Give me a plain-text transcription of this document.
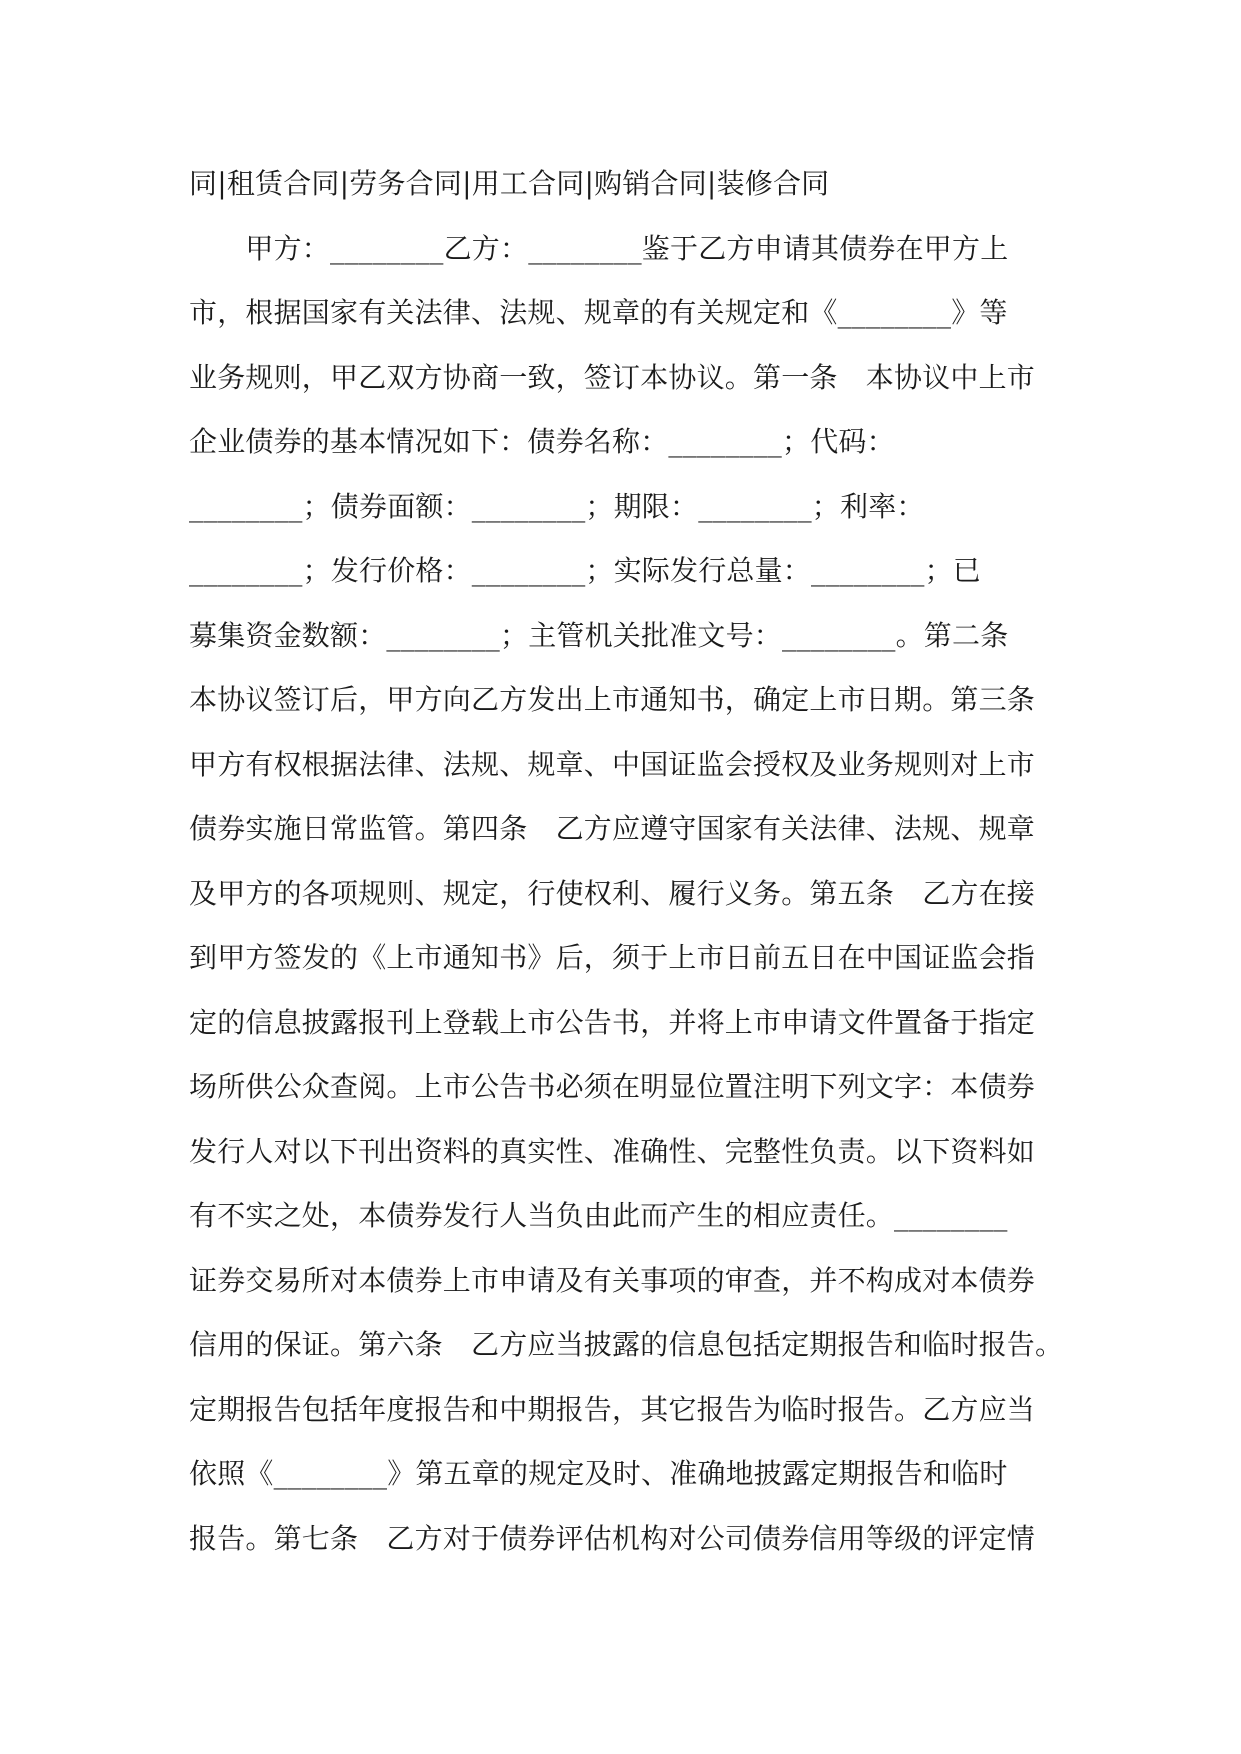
同|租赁合同|劳务合同|用工合同|购销合同|装修合同
　　甲方：________乙方：________鉴于乙方申请其债券在甲方上
市，根据国家有关法律、法规、规章的有关规定和《________》等
业务规则，甲乙双方协商一致，签订本协议。第一条　本协议中上市
企业债券的基本情况如下：债券名称：________；代码：
________；债券面额：________；期限：________；利率：
________；发行价格：________；实际发行总量：________；已
募集资金数额：________；主管机关批准文号：________。第二条
本协议签订后，甲方向乙方发出上市通知书，确定上市日期。第三条
甲方有权根据法律、法规、规章、中国证监会授权及业务规则对上市
债券实施日常监管。第四条　乙方应遵守国家有关法律、法规、规章
及甲方的各项规则、规定，行使权利、履行义务。第五条　乙方在接
到甲方签发的《上市通知书》后，须于上市日前五日在中国证监会指
定的信息披露报刊上登载上市公告书，并将上市申请文件置备于指定
场所供公众查阅。上市公告书必须在明显位置注明下列文字：本债券
发行人对以下刊出资料的真实性、准确性、完整性负责。以下资料如
有不实之处，本债券发行人当负由此而产生的相应责任。________
证券交易所对本债券上市申请及有关事项的审查，并不构成对本债券
信用的保证。第六条　乙方应当披露的信息包括定期报告和临时报告。
定期报告包括年度报告和中期报告，其它报告为临时报告。乙方应当
依照《________》第五章的规定及时、准确地披露定期报告和临时
报告。第七条　乙方对于债券评估机构对公司债券信用等级的评定情
